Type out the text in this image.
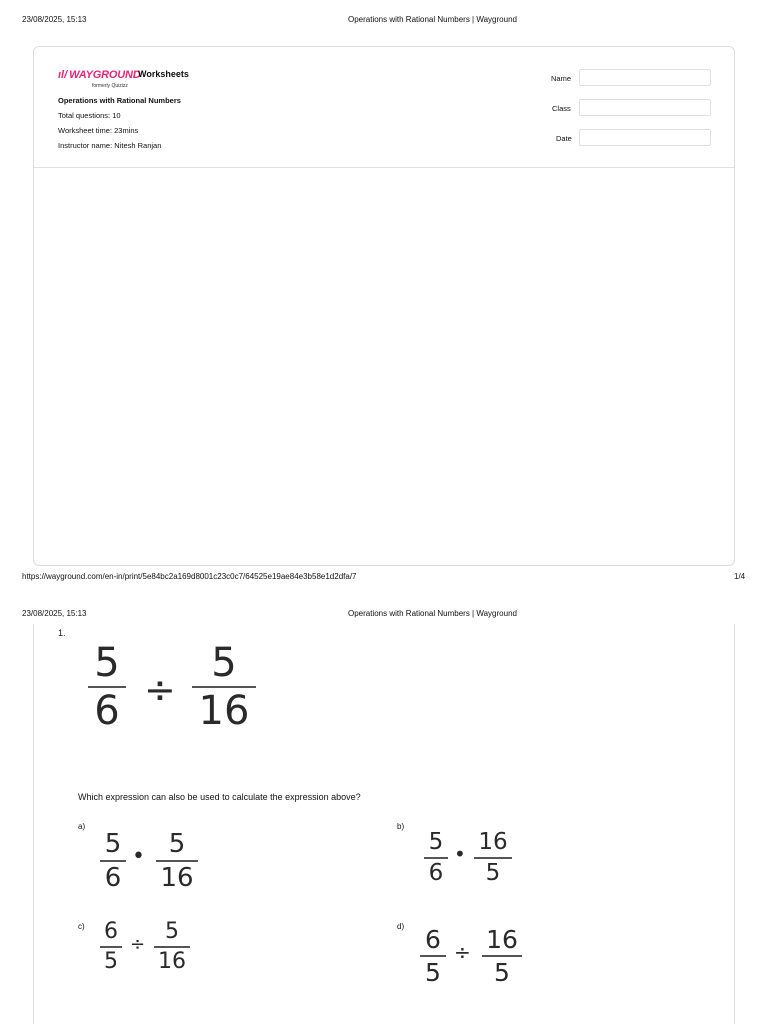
23/08/2025, 15:13	Operations with Rational Numbers | Wayground
ıl/ WAYGROUND
formerly Quizizz
Worksheets
Operations with Rational Numbers
Total questions: 10
Worksheet time: 23mins
Instructor name: Nitesh Ranjan
Name
Class
Date
https://wayground.com/en-in/print/5e84bc2a169d8001c23c0c7/64525e19ae84e3b58e1d2dfa/7	1/4
23/08/2025, 15:13	Operations with Rational Numbers | Wayground
1.
5
6 ÷
5
16
Which expression can also be used to calculate the expression above?
a)
5
6
• 5
16
b)
5
6
• 16
5
c) 6
5
÷
5
16
d) 6
5
÷ 16
5
